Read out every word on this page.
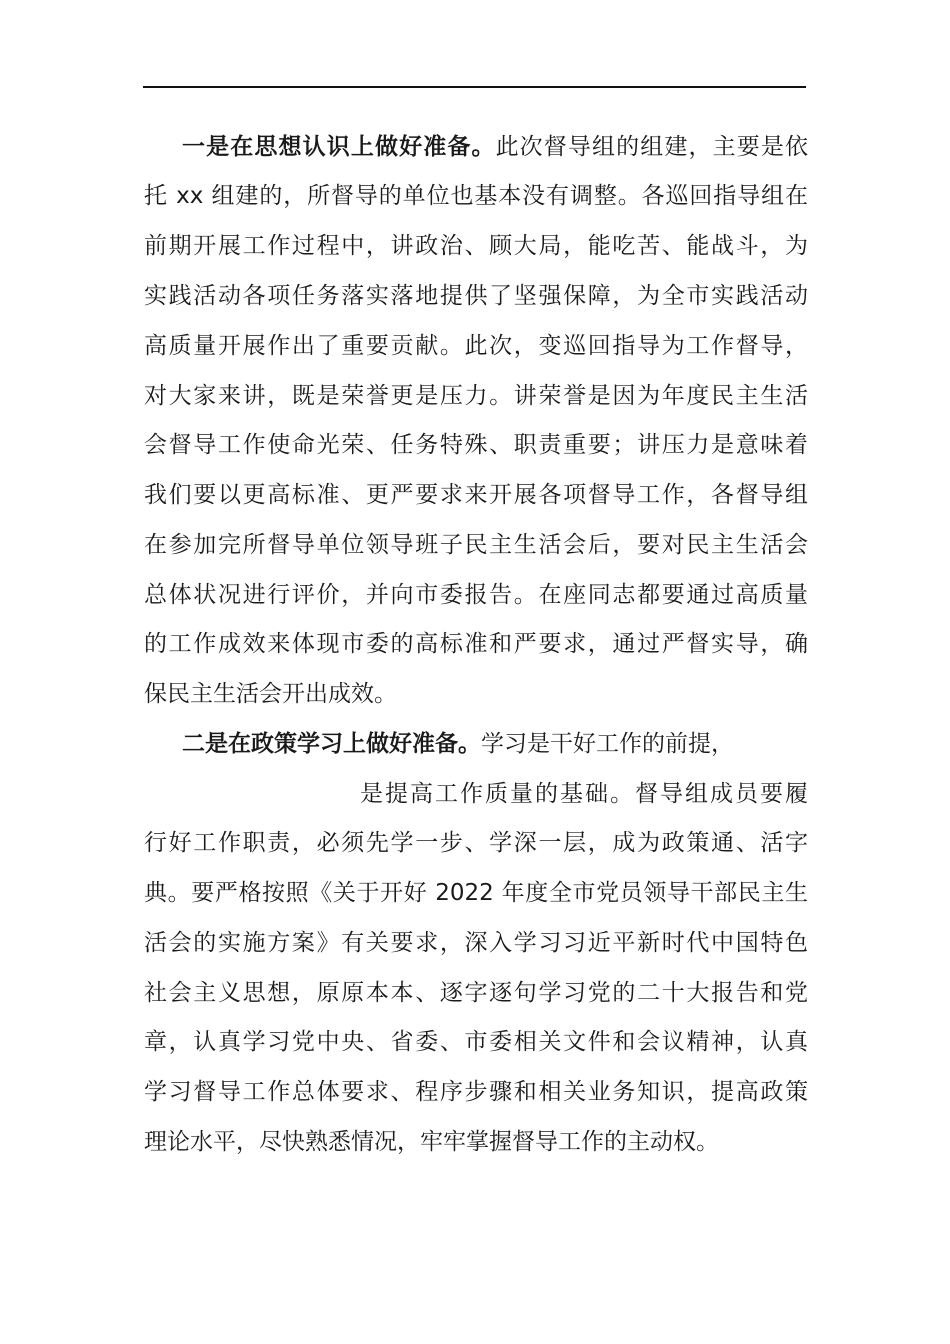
一是在思想认识上做好准备。此次督导组的组建，主要是依
托 xx 组建的，所督导的单位也基本没有调整。各巡回指导组在
前期开展工作过程中，讲政治、顾大局，能吃苦、能战斗，为
实践活动各项任务落实落地提供了坚强保障，为全市实践活动
高质量开展作出了重要贡献。此次，变巡回指导为工作督导，
对大家来讲，既是荣誉更是压力。讲荣誉是因为年度民主生活
会督导工作使命光荣、任务特殊、职责重要；讲压力是意味着
我们要以更高标准、更严要求来开展各项督导工作，各督导组
在参加完所督导单位领导班子民主生活会后，要对民主生活会
总体状况进行评价，并向市委报告。在座同志都要通过高质量
的工作成效来体现市委的高标准和严要求，通过严督实导，确
保民主生活会开出成效。
二是在政策学习上做好准备。学习是干好工作的前提，
是提高工作质量的基础。督导组成员要履
行好工作职责，必须先学一步、学深一层，成为政策通、活字
典。要严格按照《关于开好 2022 年度全市党员领导干部民主生
活会的实施方案》有关要求，深入学习习近平新时代中国特色
社会主义思想，原原本本、逐字逐句学习党的二十大报告和党
章，认真学习党中央、省委、市委相关文件和会议精神，认真
学习督导工作总体要求、程序步骤和相关业务知识，提高政策
理论水平，尽快熟悉情况，牢牢掌握督导工作的主动权。
